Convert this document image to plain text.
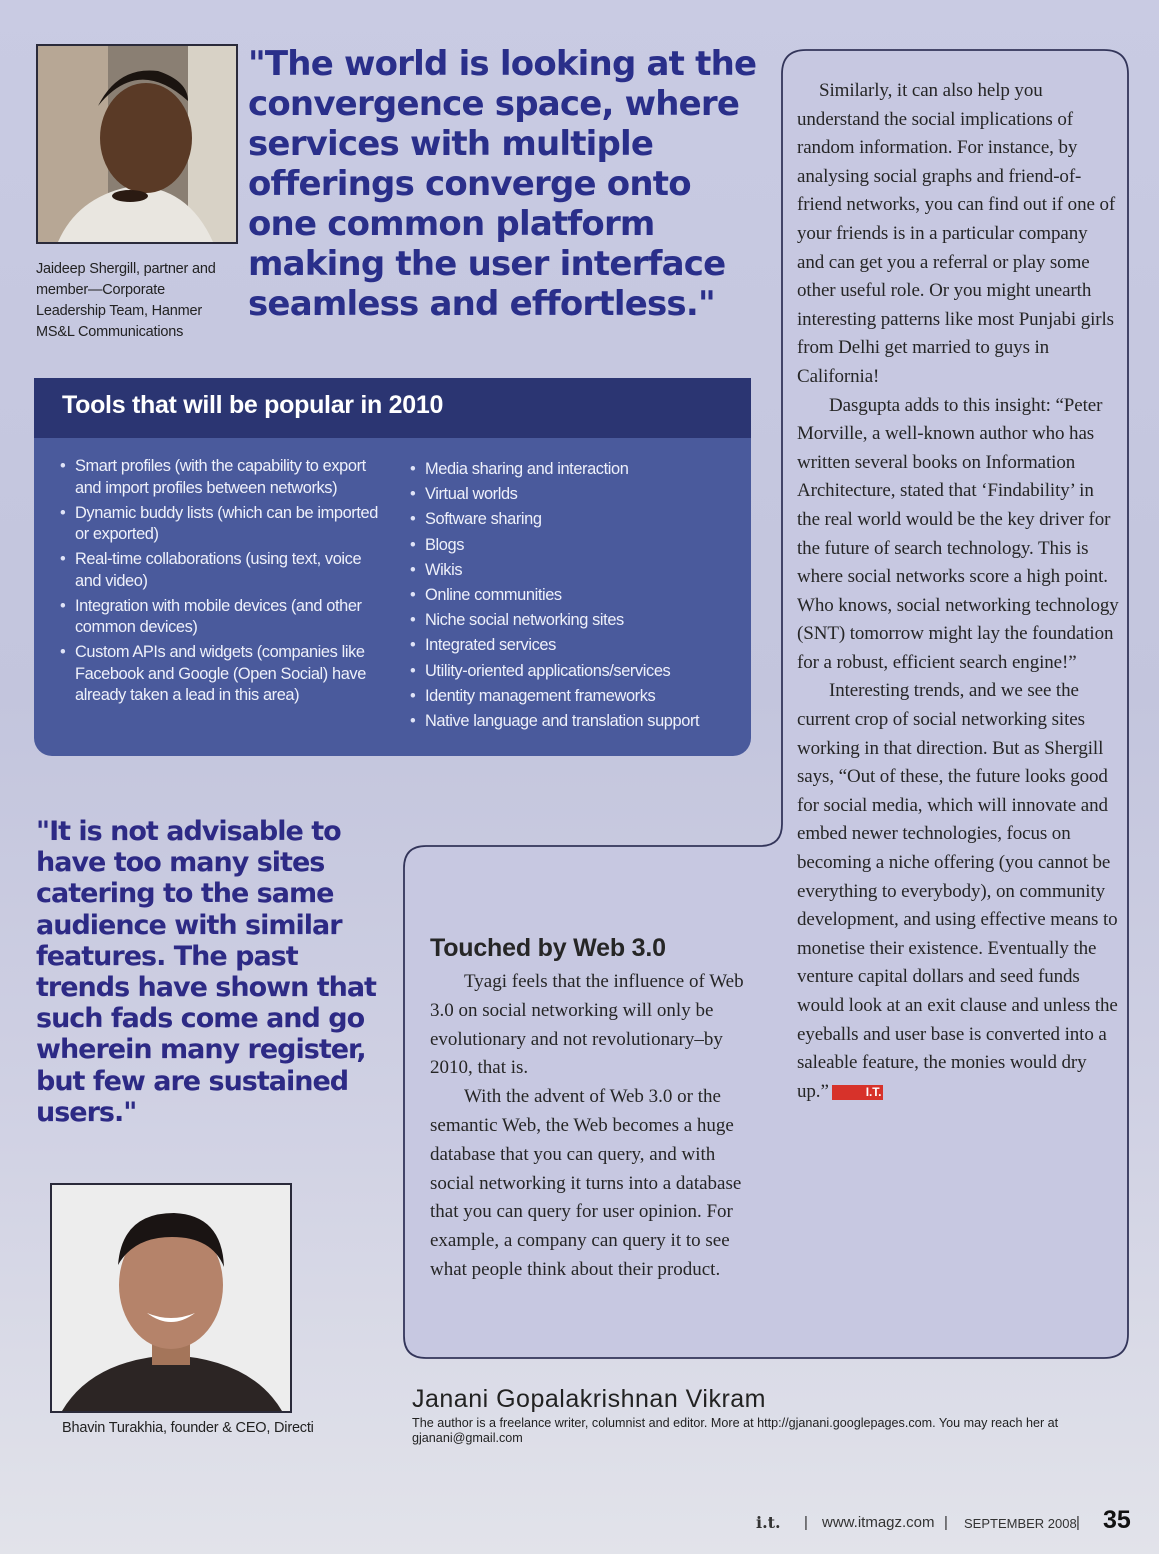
Jaideep Shergill, partner and member—Corporate Leadership Team, Hanmer MS&L Communications
"The world is looking at the convergence space, where services with multiple offerings converge onto one common platform making the user interface seamless and effortless."
Tools that will be popular in 2010
• Smart profiles (with the capability to export and import profiles between networks)
• Dynamic buddy lists (which can be imported or exported)
• Real-time collaborations (using text, voice and video)
• Integration with mobile devices (and other common devices)
• Custom APIs and widgets (companies like Facebook and Google (Open Social) have already taken a lead in this area)
• Media sharing and interaction
• Virtual worlds
• Software sharing
• Blogs
• Wikis
• Online communities
• Niche social networking sites
• Integrated services
• Utility-oriented applications/services
• Identity management frameworks
• Native language and translation support
"It is not advisable to have too many sites catering to the same audience with similar features. The past trends have shown that such fads come and go wherein many register, but few are sustained users."
Bhavin Turakhia, founder & CEO, Directi

Similarly, it can also help you understand the social implications of random information. For instance, by analysing social graphs and friend-of-friend networks, you can find out if one of your friends is in a particular company and can get you a referral or play some other useful role. Or you might unearth interesting patterns like most Punjabi girls from Delhi get married to guys in California!

Dasgupta adds to this insight: “Peter Morville, a well-known author who has written several books on Information Architecture, stated that ‘Findability’ in the real world would be the key driver for the future of search technology. This is where social networks score a high point. Who knows, social networking technology (SNT) tomorrow might lay the foundation for a robust, efficient search engine!”

Interesting trends, and we see the current crop of social networking sites working in that direction. But as Shergill says, “Out of these, the future looks good for social media, which will innovate and embed newer technologies, focus on becoming a niche offering (you cannot be everything to everybody), on community development, and using effective means to monetise their existence. Eventually the venture capital dollars and seed funds would look at an exit clause and unless the eyeballs and user base is converted into a saleable feature, the monies would dry up.”	I.T.

Touched by Web 3.0

Tyagi feels that the influence of Web 3.0 on social networking will only be evolutionary and not revolutionary–by 2010, that is.

With the advent of Web 3.0 or the semantic Web, the Web becomes a huge database that you can query, and with social networking it turns into a database that you can query for user opinion. For example, a company can query it to see what people think about their product.

Janani Gopalakrishnan Vikram
The author is a freelance writer, columnist and editor. More at http://gjanani.googlepages.com. You may reach her at gjanani@gmail.com
i.t. | www.itmagz.com | SEPTEMBER 2008 | 35
